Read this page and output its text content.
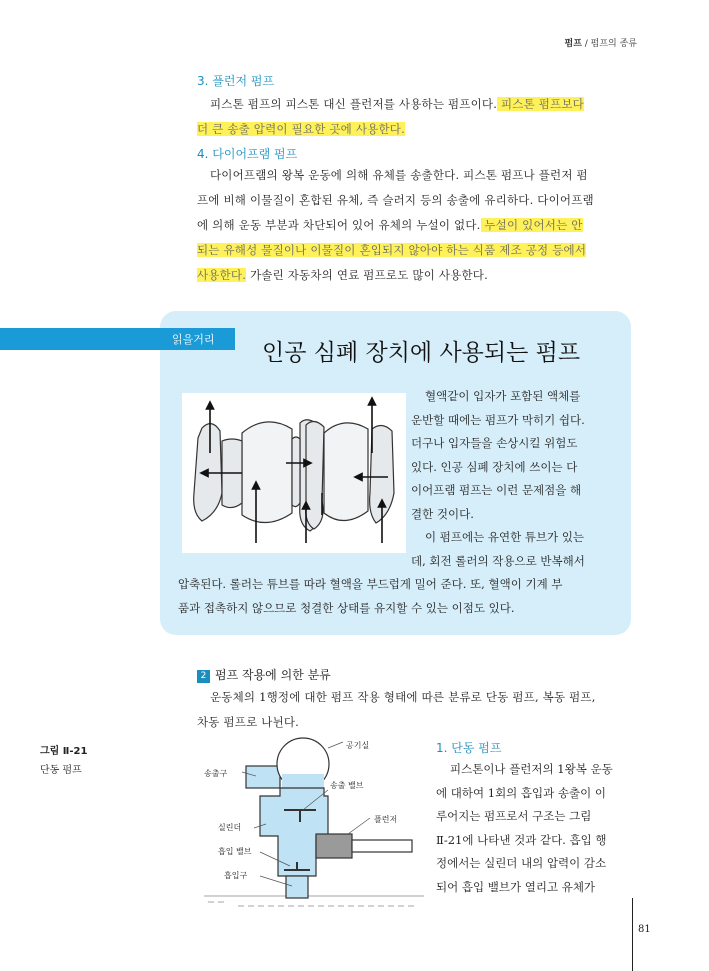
펌프 / 펌프의 종류
3. 플런저 펌프
피스톤 펌프의 피스톤 대신 플런저를 사용하는 펌프이다. 피스톤 펌프보다
더 큰 송출 압력이 필요한 곳에 사용한다.
4. 다이어프램 펌프
다이어프램의 왕복 운동에 의해 유체를 송출한다. 피스톤 펌프나 플런저 펌
프에 비해 이물질이 혼합된 유체, 즉 슬러지 등의 송출에 유리하다. 다이어프램
에 의해 운동 부분과 차단되어 있어 유체의 누설이 없다. 누설이 있어서는 안
되는 유해성 물질이나 이물질이 혼입되지 않아야 하는 식품 제조 공정 등에서
사용한다. 가솔린 자동차의 연료 펌프로도 많이 사용한다.
읽을거리
인공 심폐 장치에 사용되는 펌프
혈액같이 입자가 포함된 액체를
운반할 때에는 펌프가 막히기 쉽다.
더구나 입자들을 손상시킬 위험도
있다. 인공 심폐 장치에 쓰이는 다
이어프램 펌프는 이런 문제점을 해
결한 것이다.
이 펌프에는 유연한 튜브가 있는
데, 회전 롤러의 작용으로 반복해서
압축된다. 롤러는 튜브를 따라 혈액을 부드럽게 밀어 준다. 또, 혈액이 기계 부
품과 접촉하지 않으므로 청결한 상태를 유지할 수 있는 이점도 있다.
2 펌프 작용에 의한 분류
운동체의 1행정에 대한 펌프 작용 형태에 따른 분류로 단동 펌프, 복동 펌프,
차동 펌프로 나뉜다.
그림 Ⅱ-21
단동 펌프
공기실
송출구
송출 밸브
실린더
플런저
흡입 밸브
흡입구
1. 단동 펌프
피스톤이나 플런저의 1왕복 운동
에 대하여 1회의 흡입과 송출이 이
루어지는 펌프로서 구조는 그림
Ⅱ-21에 나타낸 것과 같다. 흡입 행
정에서는 실린더 내의 압력이 감소
되어 흡입 밸브가 열리고 유체가
81
